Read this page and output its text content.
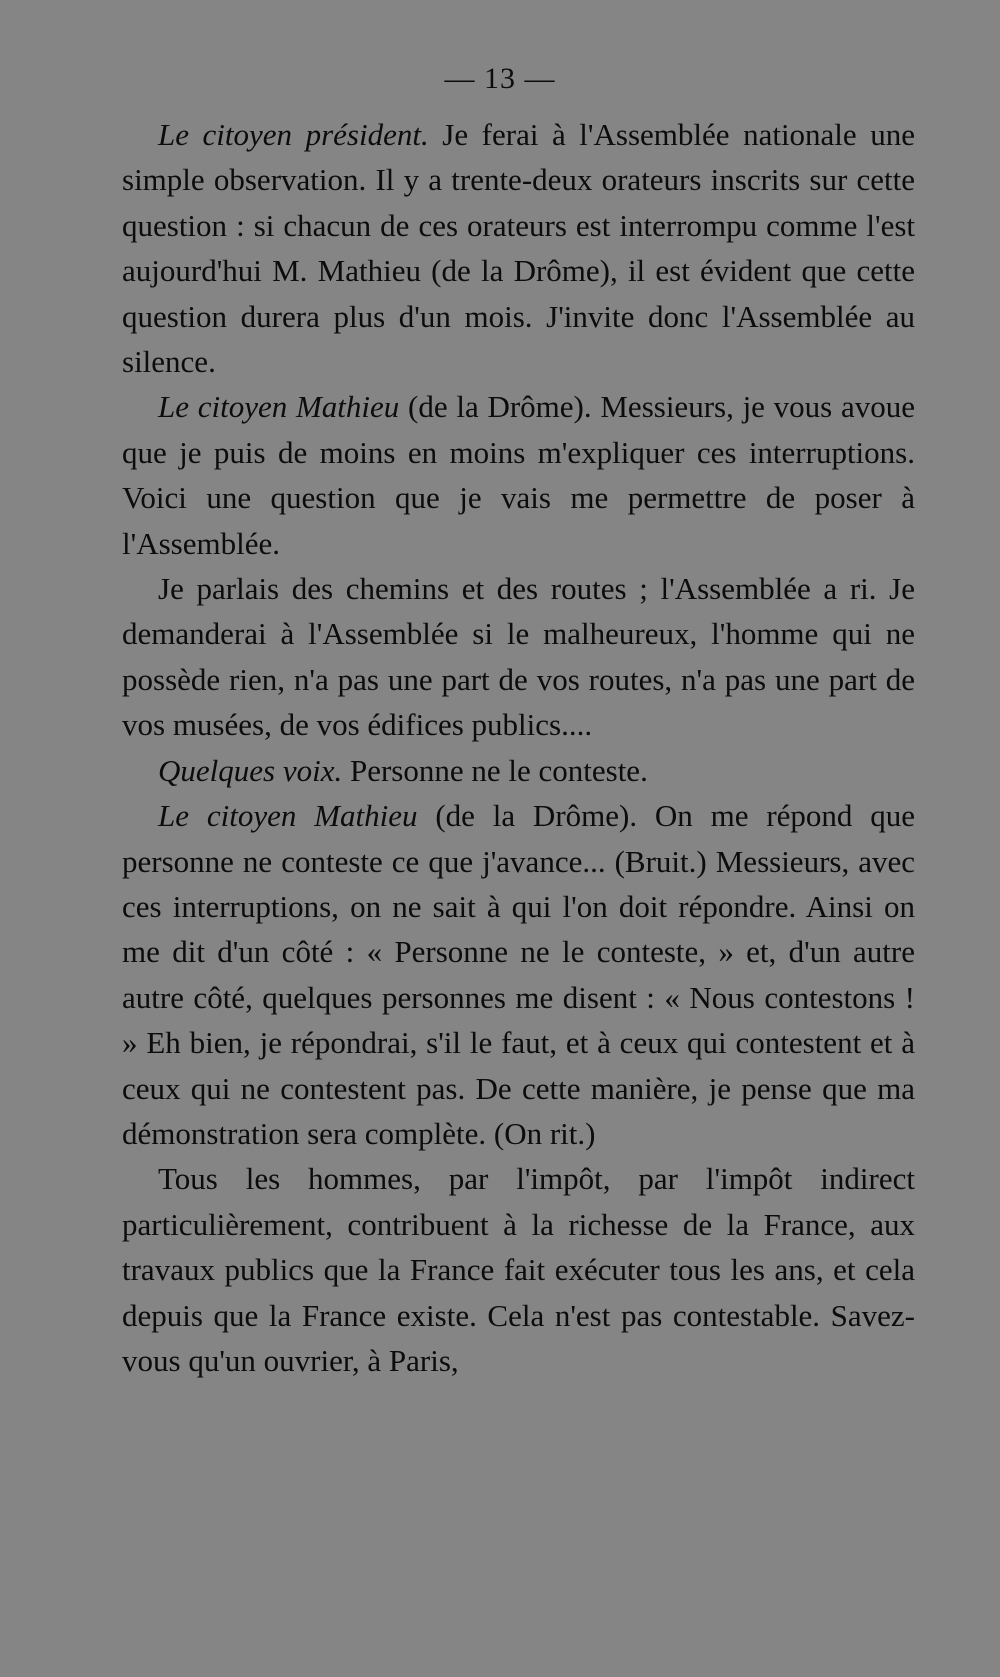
— 13 —

Le citoyen président. Je ferai à l'Assemblée nationale une simple observation. Il y a trente-deux orateurs inscrits sur cette question : si chacun de ces orateurs est interrompu comme l'est aujourd'hui M. Mathieu (de la Drôme), il est évident que cette question durera plus d'un mois. J'invite donc l'Assemblée au silence.

Le citoyen Mathieu (de la Drôme). Messieurs, je vous avoue que je puis de moins en moins m'expliquer ces interruptions. Voici une question que je vais me permettre de poser à l'Assemblée.

Je parlais des chemins et des routes ; l'Assemblée a ri. Je demanderai à l'Assemblée si le malheureux, l'homme qui ne possède rien, n'a pas une part de vos routes, n'a pas une part de vos musées, de vos édifices publics....

Quelques voix. Personne ne le conteste.

Le citoyen Mathieu (de la Drôme). On me répond que personne ne conteste ce que j'avance... (Bruit.) Messieurs, avec ces interruptions, on ne sait à qui l'on doit répondre. Ainsi on me dit d'un côté : « Personne ne le conteste, » et, d'un autre autre côté, quelques personnes me disent : « Nous contestons ! » Eh bien, je répondrai, s'il le faut, et à ceux qui contestent et à ceux qui ne contestent pas. De cette manière, je pense que ma démonstration sera complète. (On rit.)

Tous les hommes, par l'impôt, par l'impôt indirect particulièrement, contribuent à la richesse de la France, aux travaux publics que la France fait exécuter tous les ans, et cela depuis que la France existe. Cela n'est pas contestable. Savez-vous qu'un ouvrier, à Paris,
